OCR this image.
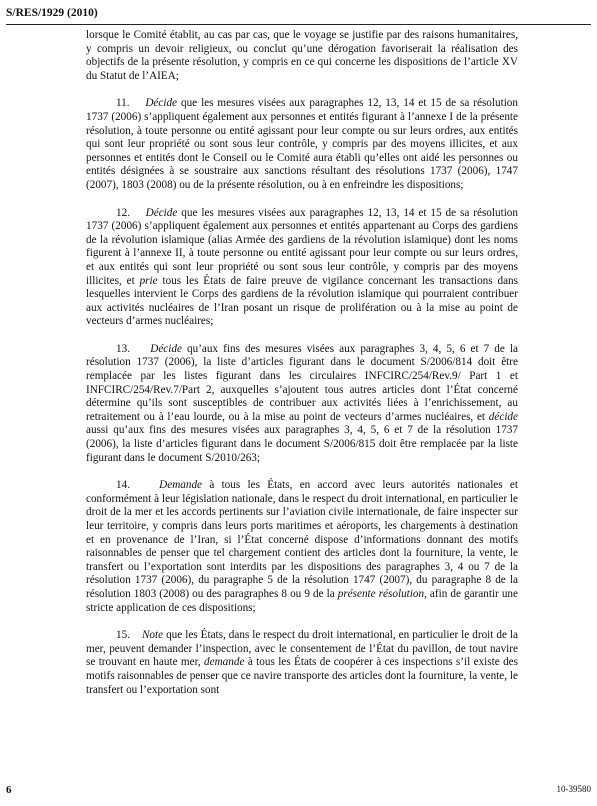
S/RES/1929 (2010)

lorsque le Comité établit, au cas par cas, que le voyage se justifie par des raisons humanitaires, y compris un devoir religieux, ou conclut qu’une dérogation favoriserait la réalisation des objectifs de la présente résolution, y compris en ce qui concerne les dispositions de l’article XV du Statut de l’AIEA;

11. Décide que les mesures visées aux paragraphes 12, 13, 14 et 15 de sa résolution 1737 (2006) s’appliquent également aux personnes et entités figurant à l’annexe I de la présente résolution, à toute personne ou entité agissant pour leur compte ou sur leurs ordres, aux entités qui sont leur propriété ou sont sous leur contrôle, y compris par des moyens illicites, et aux personnes et entités dont le Conseil ou le Comité aura établi qu’elles ont aidé les personnes ou entités désignées à se soustraire aux sanctions résultant des résolutions 1737 (2006), 1747 (2007), 1803 (2008) ou de la présente résolution, ou à en enfreindre les dispositions;

12. Décide que les mesures visées aux paragraphes 12, 13, 14 et 15 de sa résolution 1737 (2006) s’appliquent également aux personnes et entités appartenant au Corps des gardiens de la révolution islamique (alias Armée des gardiens de la révolution islamique) dont les noms figurent à l’annexe II, à toute personne ou entité agissant pour leur compte ou sur leurs ordres, et aux entités qui sont leur propriété ou sont sous leur contrôle, y compris par des moyens illicites, et prie tous les États de faire preuve de vigilance concernant les transactions dans lesquelles intervient le Corps des gardiens de la révolution islamique qui pourraient contribuer aux activités nucléaires de l’Iran posant un risque de prolifération ou à la mise au point de vecteurs d’armes nucléaires;

13. Décide qu’aux fins des mesures visées aux paragraphes 3, 4, 5, 6 et 7 de la résolution 1737 (2006), la liste d’articles figurant dans le document S/2006/814 doit être remplacée par les listes figurant dans les circulaires INFCIRC/254/Rev.9/ Part 1 et INFCIRC/254/Rev.7/Part 2, auxquelles s’ajoutent tous autres articles dont l’État concerné détermine qu’ils sont susceptibles de contribuer aux activités liées à l’enrichissement, au retraitement ou à l’eau lourde, ou à la mise au point de vecteurs d’armes nucléaires, et décide aussi qu’aux fins des mesures visées aux paragraphes 3, 4, 5, 6 et 7 de la résolution 1737 (2006), la liste d’articles figurant dans le document S/2006/815 doit être remplacée par la liste figurant dans le document S/2010/263;

14.	Demande à tous les États, en accord avec leurs autorités nationales et conformément à leur législation nationale, dans le respect du droit international, en particulier le droit de la mer et les accords pertinents sur l’aviation civile internationale, de faire inspecter sur leur territoire, y compris dans leurs ports maritimes et aéroports, les chargements à destination et en provenance de l’Iran, si l’État concerné dispose d’informations donnant des motifs raisonnables de penser que tel chargement contient des articles dont la fourniture, la vente, le transfert ou l’exportation sont interdits par les dispositions des paragraphes 3, 4 ou 7 de la résolution 1737 (2006), du paragraphe 5 de la résolution 1747 (2007), du paragraphe 8 de la résolution 1803 (2008) ou des paragraphes 8 ou 9 de la présente résolution, afin de garantir une stricte application de ces dispositions;

15. Note que les États, dans le respect du droit international, en particulier le droit de la mer, peuvent demander l’inspection, avec le consentement de l’État du pavillon, de tout navire se trouvant en haute mer, demande à tous les États de coopérer à ces inspections s’il existe des motifs raisonnables de penser que ce navire transporte des articles dont la fourniture, la vente, le transfert ou l’exportation sont

6	10-39580
